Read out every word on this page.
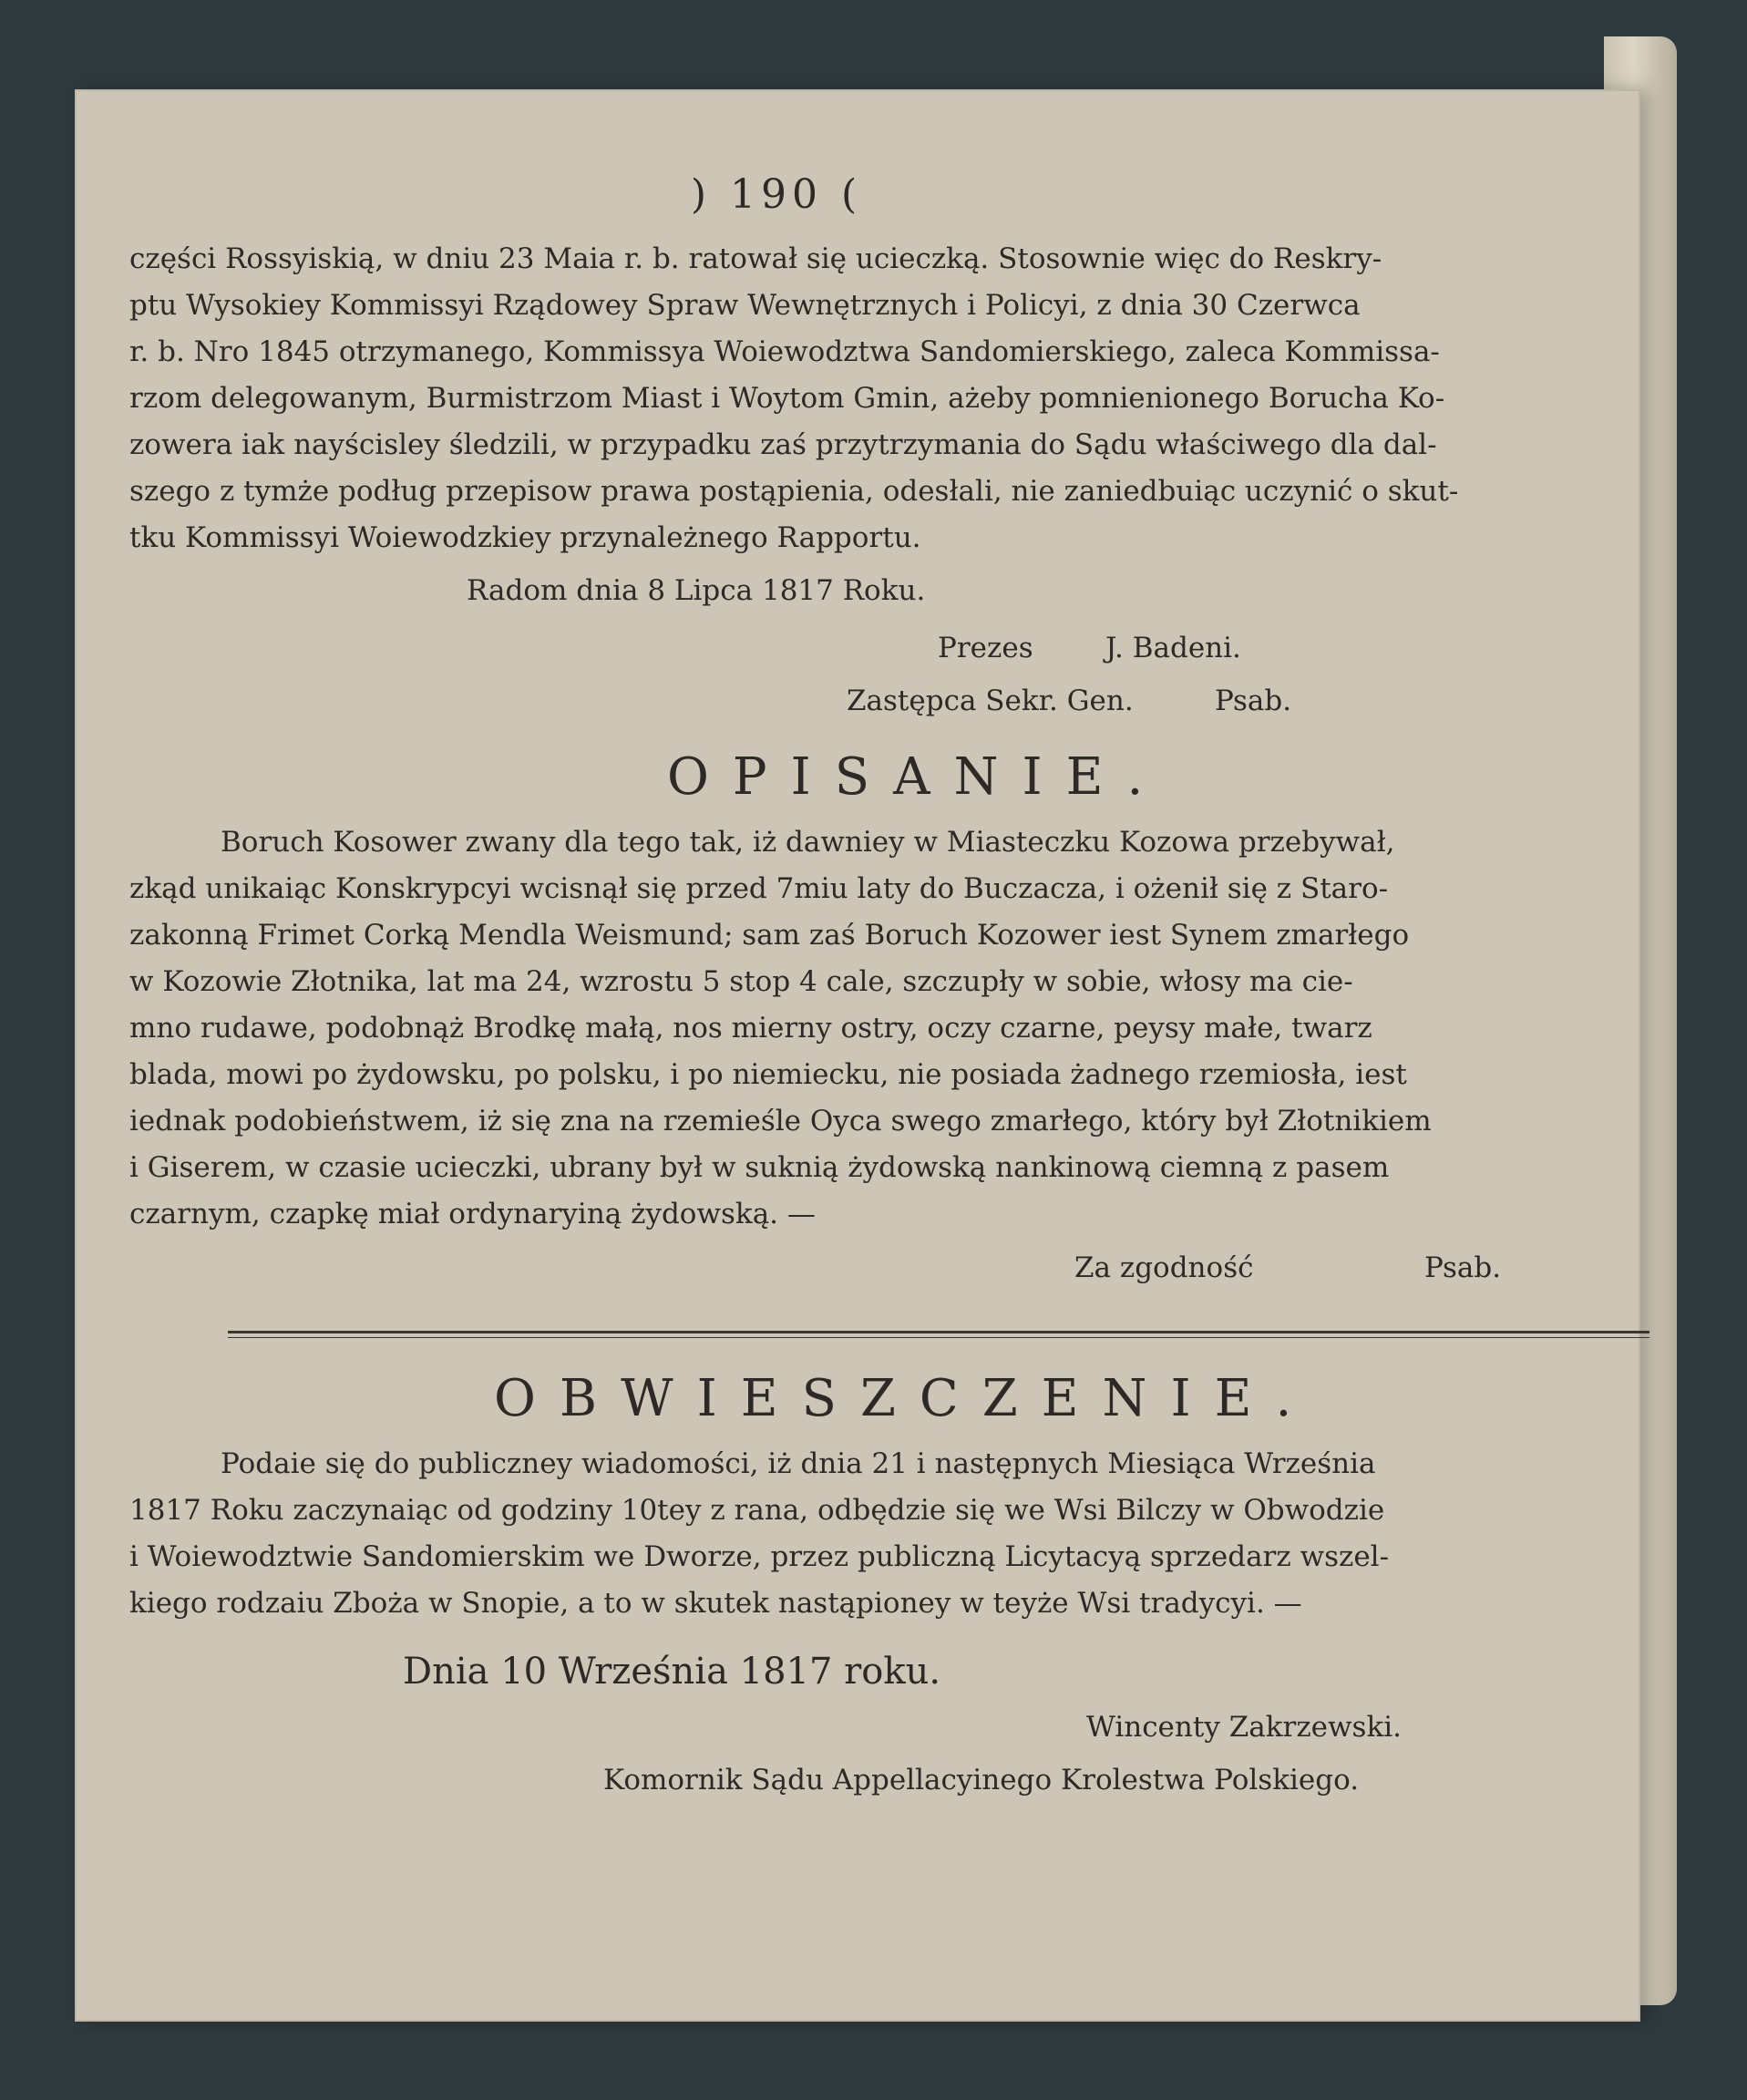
) 190 (

części Rossyiskią, w dniu 23 Maia r. b. ratował się ucieczką. Stosownie więc do Reskry-

ptu Wysokiey Kommissyi Rządowey Spraw Wewnętrznych i Policyi, z dnia 30 Czerwca

r. b. Nro 1845 otrzymanego, Kommissya Woiewodztwa Sandomierskiego, zaleca Kommissa-

rzom delegowanym, Burmistrzom Miast i Woytom Gmin, ażeby pomnienionego Borucha Ko-

zowera iak nayścisley śledzili, w przypadku zaś przytrzymania do Sądu właściwego dla dal-

szego z tymże podług przepisow prawa postąpienia, odesłali, nie zaniedbuiąc uczynić o skut-

tku Kommissyi Woiewodzkiey przynależnego Rapportu.

Radom dnia 8 Lipca 1817 Roku.
	Prezes	J. Badeni.
	Zastępca Sekr. Gen.	Psab.
OPISANIE.

Boruch Kosower zwany dla tego tak, iż dawniey w Miasteczku Kozowa przebywał,

zkąd unikaiąc Konskrypcyi wcisnął się przed 7miu laty do Buczacza, i ożenił się z Staro-

zakonną Frimet Corką Mendla Weismund; sam zaś Boruch Kozower iest Synem zmarłego

w Kozowie Złotnika, lat ma 24, wzrostu 5 stop 4 cale, szczupły w sobie, włosy ma cie-

mno rudawe, podobnąż Brodkę małą, nos mierny ostry, oczy czarne, peysy małe, twarz

blada, mowi po żydowsku, po polsku, i po niemiecku, nie posiada żadnego rzemiosła, iest

iednak podobieństwem, iż się zna na rzemieśle Oyca swego zmarłego, który był Złotnikiem

i Giserem, w czasie ucieczki, ubrany był w suknią żydowską nankinową ciemną z pasem

czarnym, czapkę miał ordynaryiną żydowską. —

	Za zgodność	Psab.
OBWIESZCZENIE.

Podaie się do publiczney wiadomości, iż dnia 21 i następnych Miesiąca Września

1817 Roku zaczynaiąc od godziny 10tey z rana, odbędzie się we Wsi Bilczy w Obwodzie

i Woiewodztwie Sandomierskim we Dworze, przez publiczną Licytacyą sprzedarz wszel-

kiego rodzaiu Zboża w Snopie, a to w skutek nastąpioney w teyże Wsi tradycyi. —

Dnia 10 Września 1817 roku.
Wincenty Zakrzewski.
Komornik Sądu Appellacyinego Krolestwa Polskiego.
